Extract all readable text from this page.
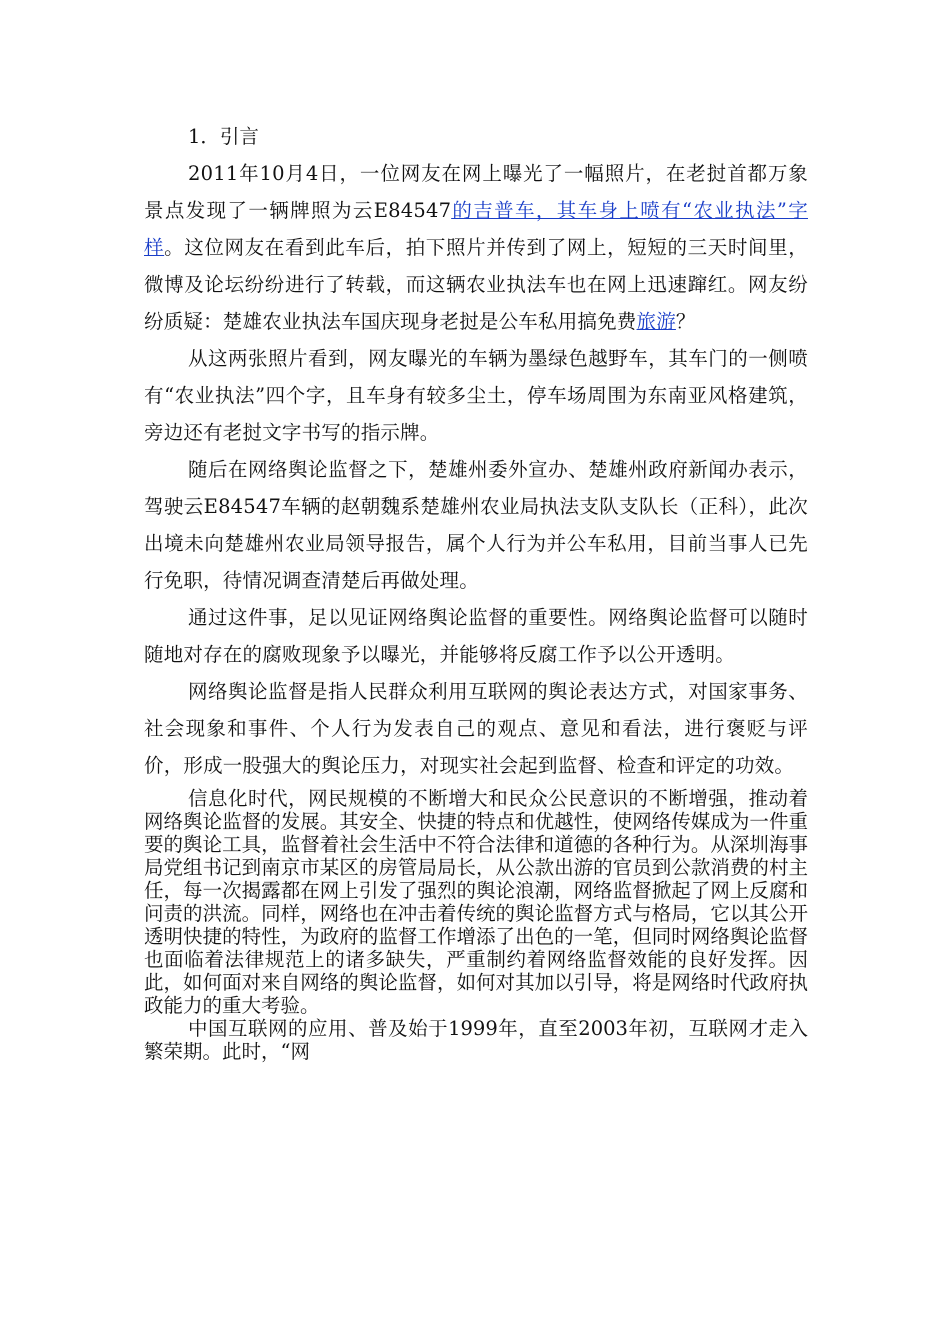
1．引言

2011年10月4日，一位网友在网上曝光了一幅照片，在老挝首都万象景点发现了一辆牌照为云E84547的吉普车，其车身上喷有“农业执法”字样。这位网友在看到此车后，拍下照片并传到了网上，短短的三天时间里，微博及论坛纷纷进行了转载，而这辆农业执法车也在网上迅速蹿红。网友纷纷质疑：楚雄农业执法车国庆现身老挝是公车私用搞免费旅游？

从这两张照片看到，网友曝光的车辆为墨绿色越野车，其车门的一侧喷有“农业执法”四个字，且车身有较多尘土，停车场周围为东南亚风格建筑，旁边还有老挝文字书写的指示牌。

随后在网络舆论监督之下，楚雄州委外宣办、楚雄州政府新闻办表示，驾驶云E84547车辆的赵朝魏系楚雄州农业局执法支队支队长（正科），此次出境未向楚雄州农业局领导报告，属个人行为并公车私用，目前当事人已先行免职，待情况调查清楚后再做处理。

通过这件事，足以见证网络舆论监督的重要性。网络舆论监督可以随时随地对存在的腐败现象予以曝光，并能够将反腐工作予以公开透明。

网络舆论监督是指人民群众利用互联网的舆论表达方式，对国家事务、社会现象和事件、个人行为发表自己的观点、意见和看法，进行褒贬与评价，形成一股强大的舆论压力，对现实社会起到监督、检查和评定的功效。

信息化时代，网民规模的不断增大和民众公民意识的不断增强，推动着网络舆论监督的发展。其安全、快捷的特点和优越性，使网络传媒成为一件重要的舆论工具，监督着社会生活中不符合法律和道德的各种行为。从深圳海事局党组书记到南京市某区的房管局局长，从公款出游的官员到公款消费的村主任，每一次揭露都在网上引发了强烈的舆论浪潮，网络监督掀起了网上反腐和问责的洪流。同样，网络也在冲击着传统的舆论监督方式与格局，它以其公开透明快捷的特性，为政府的监督工作增添了出色的一笔，但同时网络舆论监督也面临着法律规范上的诸多缺失，严重制约着网络监督效能的良好发挥。因此，如何面对来自网络的舆论监督，如何对其加以引导，将是网络时代政府执政能力的重大考验。

中国互联网的应用、普及始于1999年，直至2003年初，互联网才走入繁荣期。此时，“网
